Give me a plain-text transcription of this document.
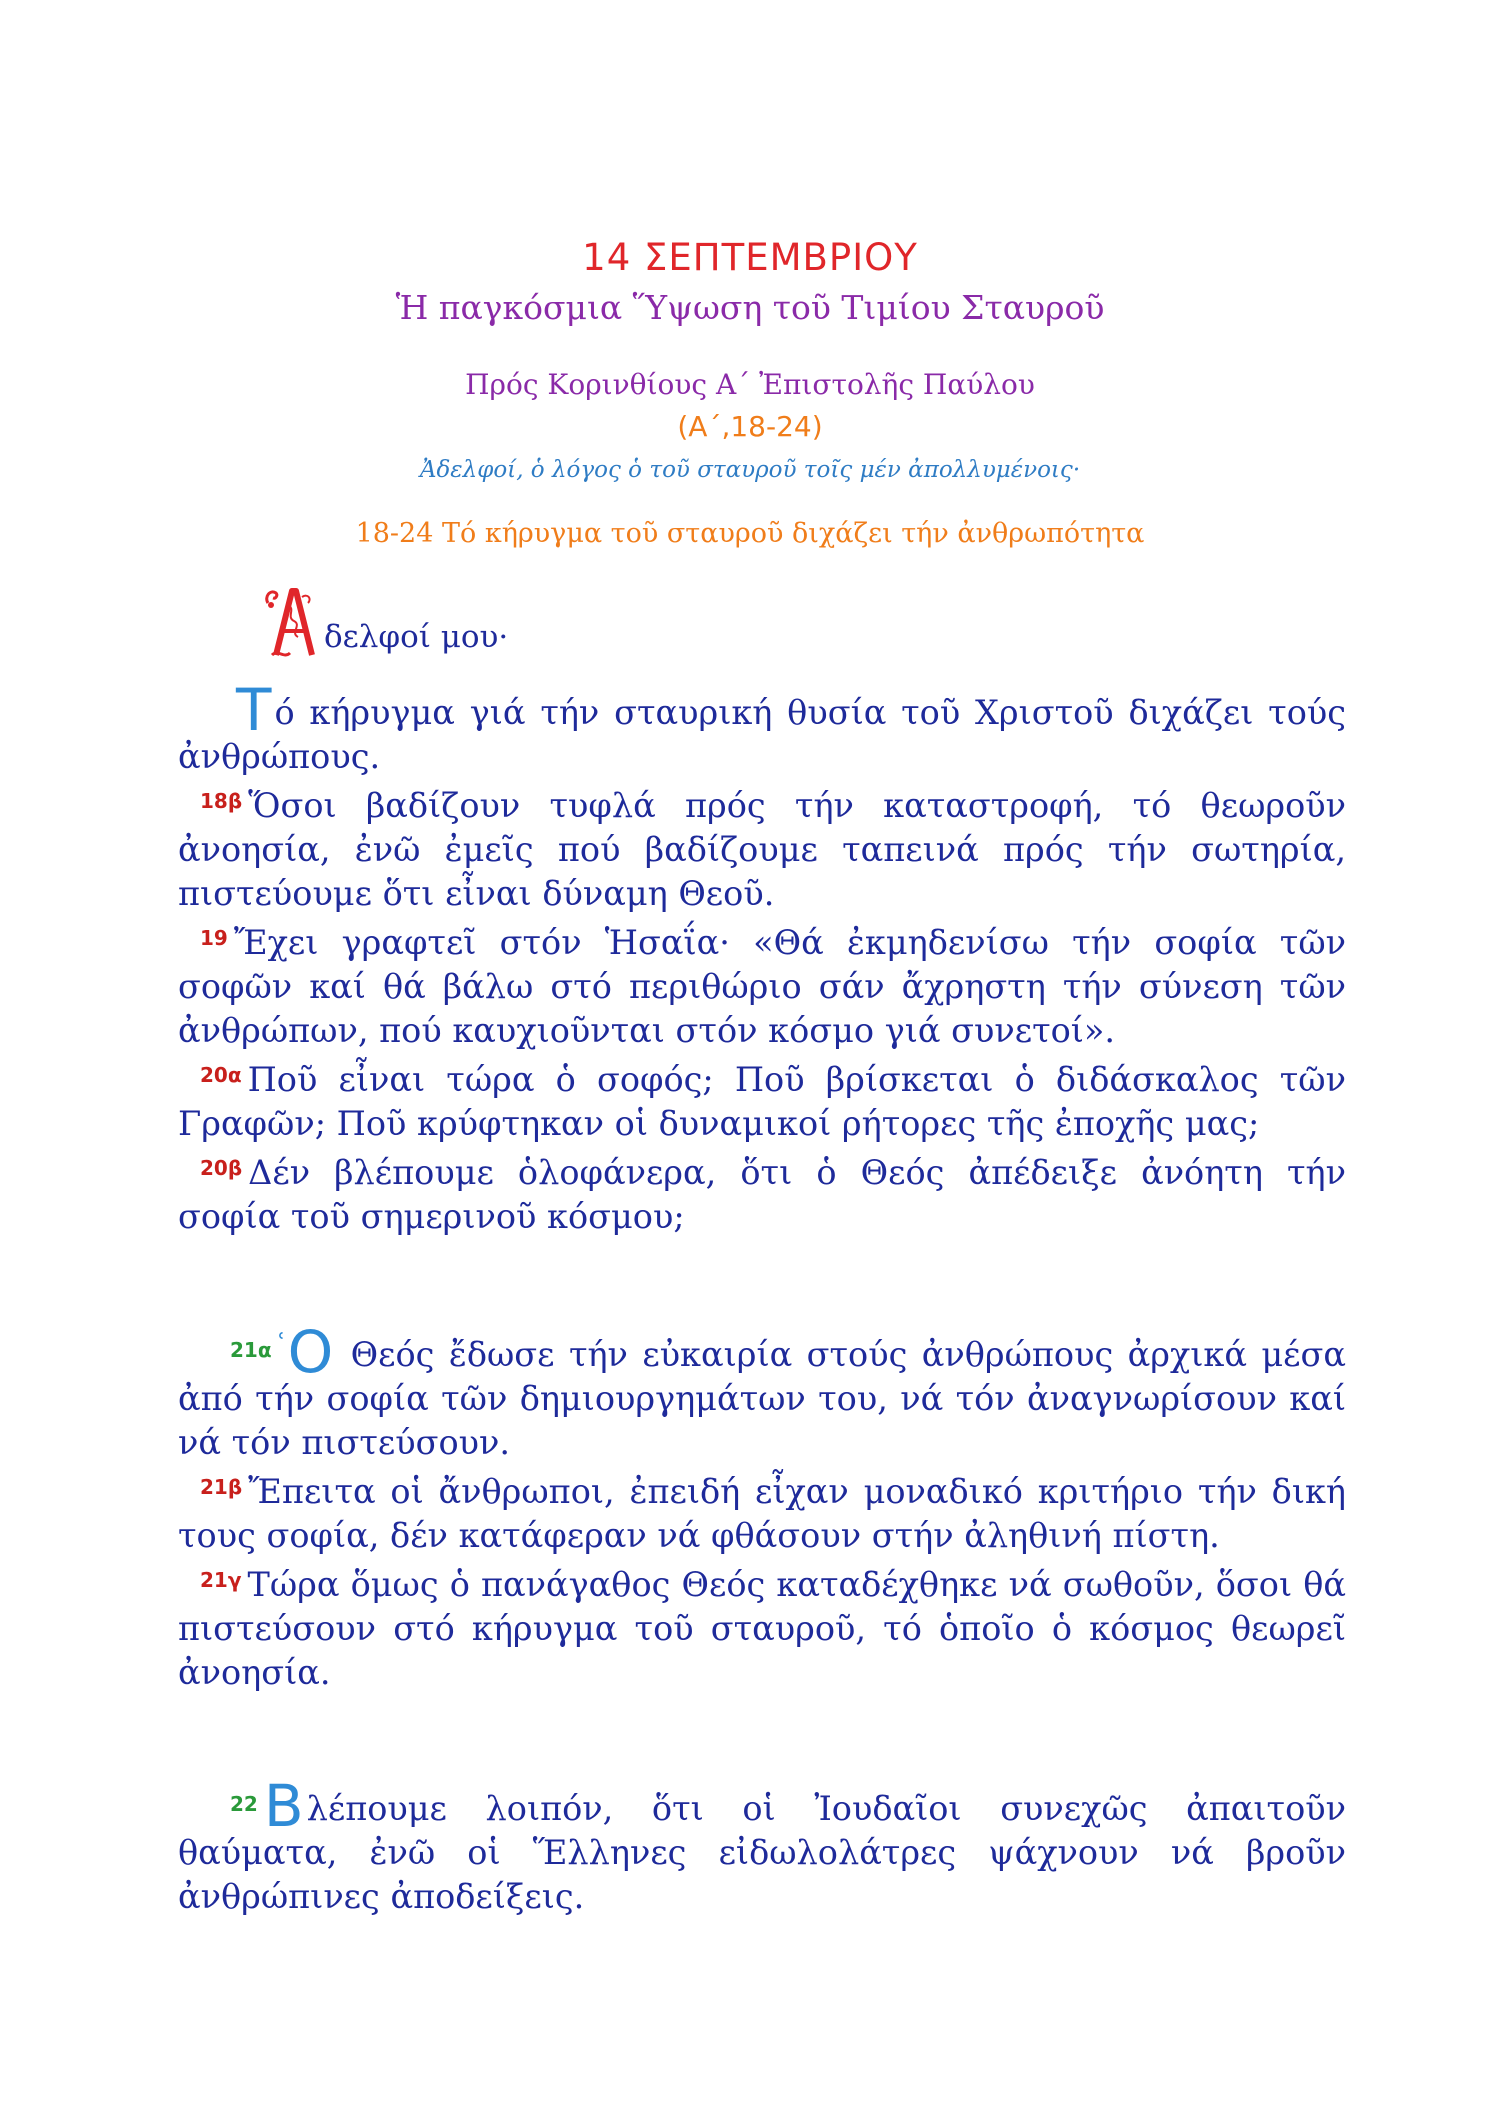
14 ΣΕΠΤΕΜΒΡΙΟΥ
Ἡ παγκόσμια Ὕψωση τοῦ Τιμίου Σταυροῦ
Πρός Κορινθίους Α΄ Ἐπιστολῆς Παύλου
(Α΄,18-24)
Ἀδελφοί, ὁ λόγος ὁ τοῦ σταυροῦ τοῖς μέν ἀπολλυμένοις·
18-24 Τό κήρυγμα τοῦ σταυροῦ διχάζει τήν ἀνθρωπότητα
Ἀ
δελφοί μου·

Τό κήρυγμα γιά τήν σταυρική θυσία τοῦ Χριστοῦ διχάζει τούς ἀνθρώπους.

$^{18\beta}$ Ὅσοι βαδίζουν τυφλά πρός τήν καταστροφή, τό θεωροῦν ἀνοησία, ἐνῶ ἐμεῖς πού βαδίζουμε ταπεινά πρός τήν σωτηρία, πιστεύουμε ὅτι εἶναι δύναμη Θεοῦ.

$^{19}$ Ἔχει γραφτεῖ στόν Ἡσαΐα· «Θά ἐκμηδενίσω τήν σοφία τῶν σοφῶν καί θά βάλω στό περιθώριο σάν ἄχρηστη τήν σύνεση τῶν ἀνθρώπων, πού καυχιοῦνται στόν κόσμο γιά συνετοί».

$^{20\alpha}$ Ποῦ εἶναι τώρα ὁ σοφός; Ποῦ βρίσκεται ὁ διδάσκαλος τῶν Γραφῶν; Ποῦ κρύφτηκαν οἱ δυναμικοί ρήτορες τῆς ἐποχῆς μας;

$^{20\beta}$ Δέν βλέπουμε ὁλοφάνερα, ὅτι ὁ Θεός ἀπέδειξε ἀνόητη τήν σοφία τοῦ σημερινοῦ κόσμου;

$^{21\alpha}$ $^ʿ$Ο Θεός ἔδωσε τήν εὐκαιρία στούς ἀνθρώπους ἀρχικά μέσα ἀπό τήν σοφία τῶν δημιουργημάτων του, νά τόν ἀναγνωρίσουν καί νά τόν πιστεύσουν.

$^{21\beta}$ Ἔπειτα οἱ ἄνθρωποι, ἐπειδή εἶχαν μοναδικό κριτήριο τήν δική τους σοφία, δέν κατάφεραν νά φθάσουν στήν ἀληθινή πίστη.

$^{21\gamma}$ Τώρα ὅμως ὁ πανάγαθος Θεός καταδέχθηκε νά σωθοῦν, ὅσοι θά πιστεύσουν στό κήρυγμα τοῦ σταυροῦ, τό ὁποῖο ὁ κόσμος θεωρεῖ ἀνοησία.

$^{22}$ Βλέπουμε λοιπόν, ὅτι οἱ Ἰουδαῖοι συνεχῶς ἀπαιτοῦν θαύματα, ἐνῶ οἱ Ἕλληνες εἰδωλολάτρες ψάχνουν νά βροῦν ἀνθρώπινες ἀποδείξεις.
